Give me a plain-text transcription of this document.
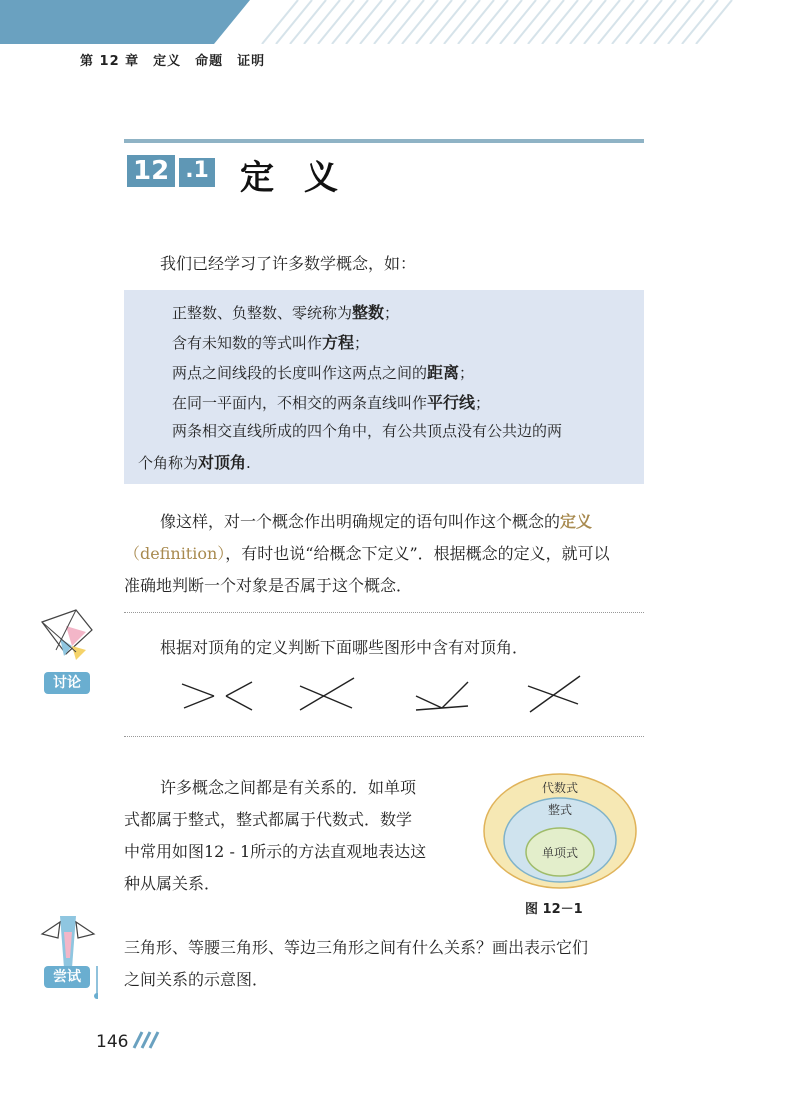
第 12 章　定义　命题　证明
12 .1 定义
我们已经学习了许多数学概念，如：
正整数、负整数、零统称为整数；
含有未知数的等式叫作方程；
两点之间线段的长度叫作这两点之间的距离；
在同一平面内，不相交的两条直线叫作平行线；
两条相交直线所成的四个角中，有公共顶点没有公共边的两
个角称为对顶角.
像这样，对一个概念作出明确规定的语句叫作这个概念的定义
（definition），有时也说“给概念下定义”．根据概念的定义，就可以
准确地判断一个对象是否属于这个概念．
讨论
根据对顶角的定义判断下面哪些图形中含有对顶角．
许多概念之间都是有关系的．如单项
式都属于整式，整式都属于代数式．数学
中常用如图12 - 1所示的方法直观地表达这
种从属关系．
代数式
整式
单项式
图 12－1
尝试
三角形、等腰三角形、等边三角形之间有什么关系？画出表示它们
之间关系的示意图．
146
